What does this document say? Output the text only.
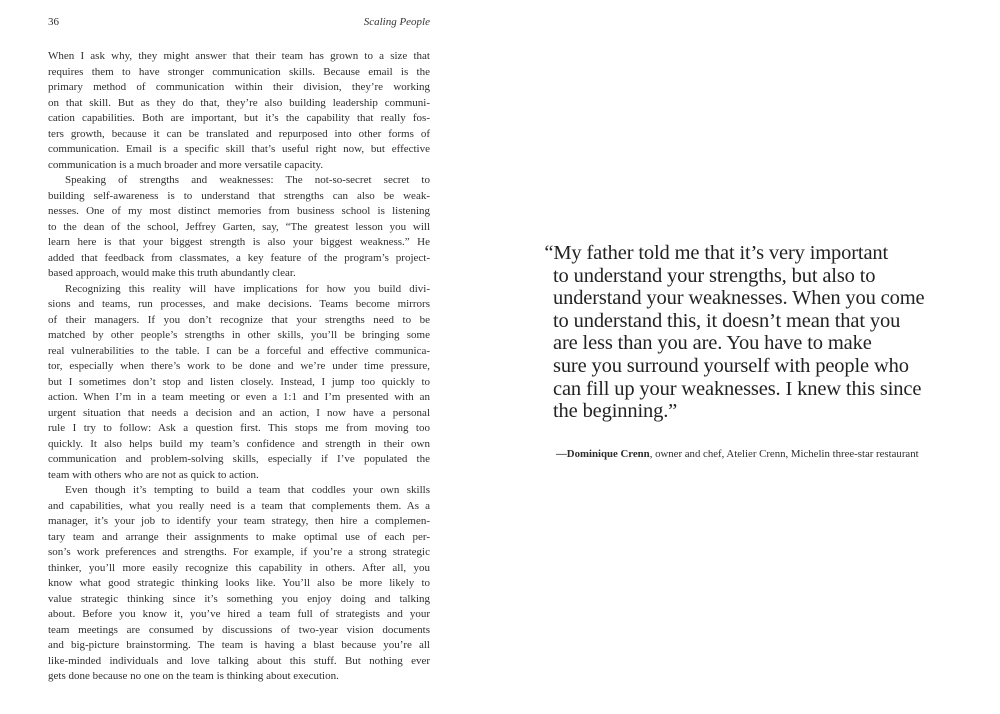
36	Scaling People
When I ask why, they might answer that their team has grown to a size that
requires them to have stronger communication skills. Because email is the
primary method of communication within their division, they’re working
on that skill. But as they do that, they’re also building leadership communi-
cation capabilities. Both are important, but it’s the capability that really fos-
ters growth, because it can be translated and repurposed into other forms of
communication. Email is a specific skill that’s useful right now, but effective
communication is a much broader and more versatile capacity.
Speaking of strengths and weaknesses: The not-so-secret secret to
building self-awareness is to understand that strengths can also be weak-
nesses. One of my most distinct memories from business school is listening
to the dean of the school, Jeffrey Garten, say, “The greatest lesson you will
learn here is that your biggest strength is also your biggest weakness.” He
added that feedback from classmates, a key feature of the program’s project-
based approach, would make this truth abundantly clear.
Recognizing this reality will have implications for how you build divi-
sions and teams, run processes, and make decisions. Teams become mirrors
of their managers. If you don’t recognize that your strengths need to be
matched by other people’s strengths in other skills, you’ll be bringing some
real vulnerabilities to the table. I can be a forceful and effective communica-
tor, especially when there’s work to be done and we’re under time pressure,
but I sometimes don’t stop and listen closely. Instead, I jump too quickly to
action. When I’m in a team meeting or even a 1:1 and I’m presented with an
urgent situation that needs a decision and an action, I now have a personal
rule I try to follow: Ask a question first. This stops me from moving too
quickly. It also helps build my team’s confidence and strength in their own
communication and problem-solving skills, especially if I’ve populated the
team with others who are not as quick to action.
Even though it’s tempting to build a team that coddles your own skills
and capabilities, what you really need is a team that complements them. As a
manager, it’s your job to identify your team strategy, then hire a complemen-
tary team and arrange their assignments to make optimal use of each per-
son’s work preferences and strengths. For example, if you’re a strong strategic
thinker, you’ll more easily recognize this capability in others. After all, you
know what good strategic thinking looks like. You’ll also be more likely to
value strategic thinking since it’s something you enjoy doing and talking
about. Before you know it, you’ve hired a team full of strategists and your
team meetings are consumed by discussions of two-year vision documents
and big-picture brainstorming. The team is having a blast because you’re all
like-minded individuals and love talking about this stuff. But nothing ever
gets done because no one on the team is thinking about execution.
“My father told me that it’s very important
to understand your strengths, but also to
understand your weaknesses. When you come
to understand this, it doesn’t mean that you
are less than you are. You have to make
sure you surround yourself with people who
can fill up your weaknesses. I knew this since
the beginning.”
—Dominique Crenn, owner and chef, Atelier Crenn, Michelin three-star restaurant
